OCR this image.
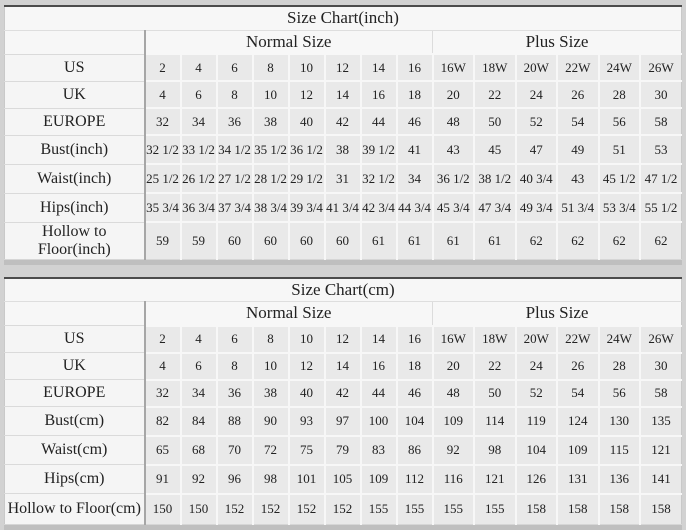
Size Chart(inch)														
	Normal Size								Plus Size					
US	2	4	6	8	10	12	14	16	16W	18W	20W	22W	24W	26W
UK	4	6	8	10	12	14	16	18	20	22	24	26	28	30
EUROPE	32	34	36	38	40	42	44	46	48	50	52	54	56	58
Bust(inch)	32 1/2	33 1/2	34 1/2	35 1/2	36 1/2	38	39 1/2	41	43	45	47	49	51	53
Waist(inch)	25 1/2	26 1/2	27 1/2	28 1/2	29 1/2	31	32 1/2	34	36 1/2	38 1/2	40 3/4	43	45 1/2	47 1/2
Hips(inch)	35 3/4	36 3/4	37 3/4	38 3/4	39 3/4	41 3/4	42 3/4	44 3/4	45 3/4	47 3/4	49 3/4	51 3/4	53 3/4	55 1/2
Hollow to Floor(inch)	59	59	60	60	60	60	61	61	61	61	62	62	62	62
Size Chart(cm)														
	Normal Size								Plus Size					
US	2	4	6	8	10	12	14	16	16W	18W	20W	22W	24W	26W
UK	4	6	8	10	12	14	16	18	20	22	24	26	28	30
EUROPE	32	34	36	38	40	42	44	46	48	50	52	54	56	58
Bust(cm)	82	84	88	90	93	97	100	104	109	114	119	124	130	135
Waist(cm)	65	68	70	72	75	79	83	86	92	98	104	109	115	121
Hips(cm)	91	92	96	98	101	105	109	112	116	121	126	131	136	141
Hollow to Floor(cm)	150	150	152	152	152	152	155	155	155	155	158	158	158	158
